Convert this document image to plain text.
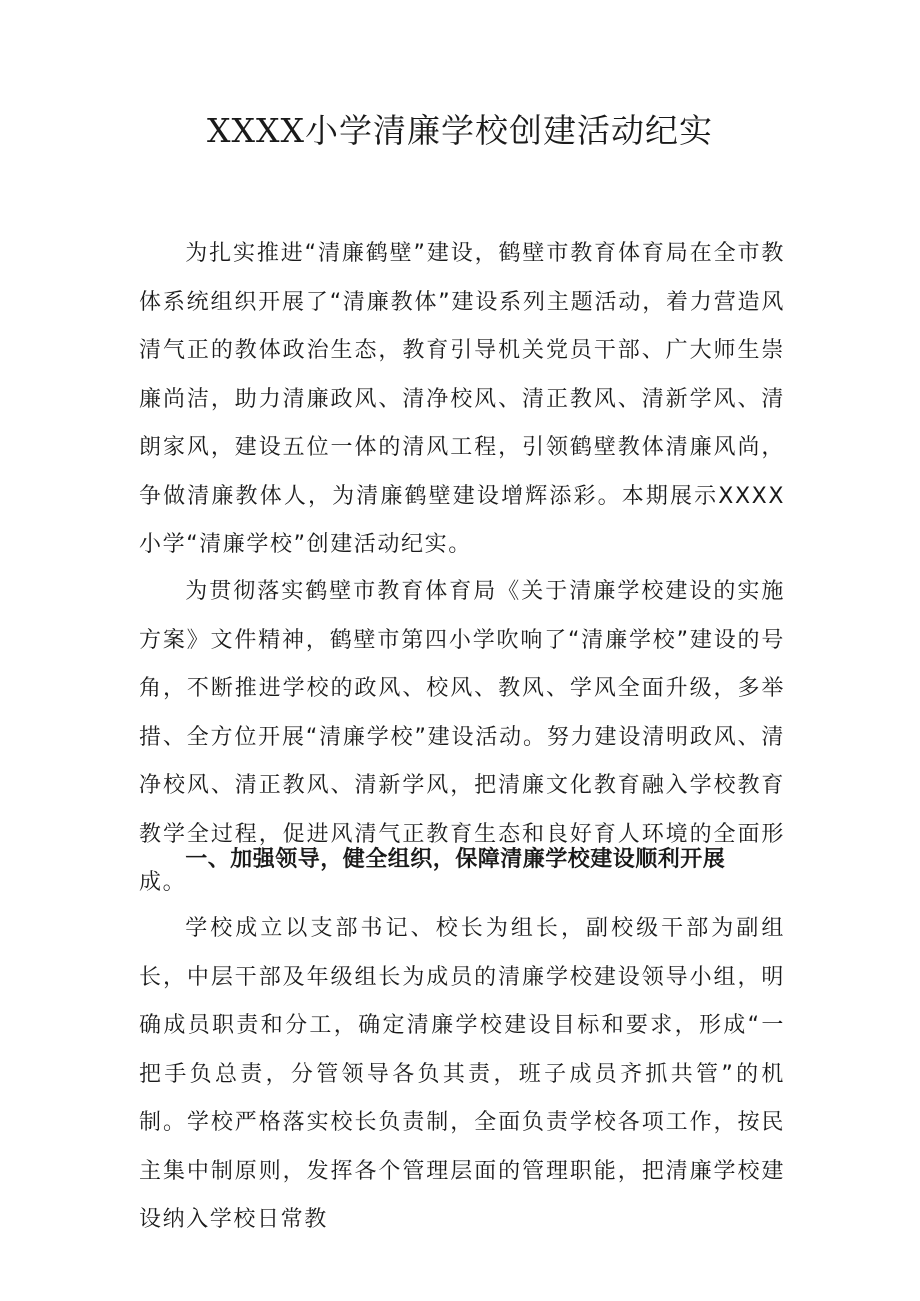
XXXX小学清廉学校创建活动纪实

为扎实推进“清廉鹤壁”建设，鹤壁市教育体育局在全市教体系统组织开展了“清廉教体”建设系列主题活动，着力营造风清气正的教体政治生态，教育引导机关党员干部、广大师生崇廉尚洁，助力清廉政风、清净校风、清正教风、清新学风、清朗家风，建设五位一体的清风工程，引领鹤壁教体清廉风尚，争做清廉教体人，为清廉鹤壁建设增辉添彩。本期展示XXXX小学“清廉学校”创建活动纪实。

为贯彻落实鹤壁市教育体育局《关于清廉学校建设的实施方案》文件精神，鹤壁市第四小学吹响了“清廉学校”建设的号角，不断推进学校的政风、校风、教风、学风全面升级，多举措、全方位开展“清廉学校”建设活动。努力建设清明政风、清净校风、清正教风、清新学风，把清廉文化教育融入学校教育教学全过程，促进风清气正教育生态和良好育人环境的全面形成。

一、加强领导，健全组织，保障清廉学校建设顺利开展

学校成立以支部书记、校长为组长，副校级干部为副组长，中层干部及年级组长为成员的清廉学校建设领导小组，明确成员职责和分工，确定清廉学校建设目标和要求，形成“一把手负总责，分管领导各负其责，班子成员齐抓共管”的机制。学校严格落实校长负责制，全面负责学校各项工作，按民主集中制原则，发挥各个管理层面的管理职能，把清廉学校建设纳入学校日常教
